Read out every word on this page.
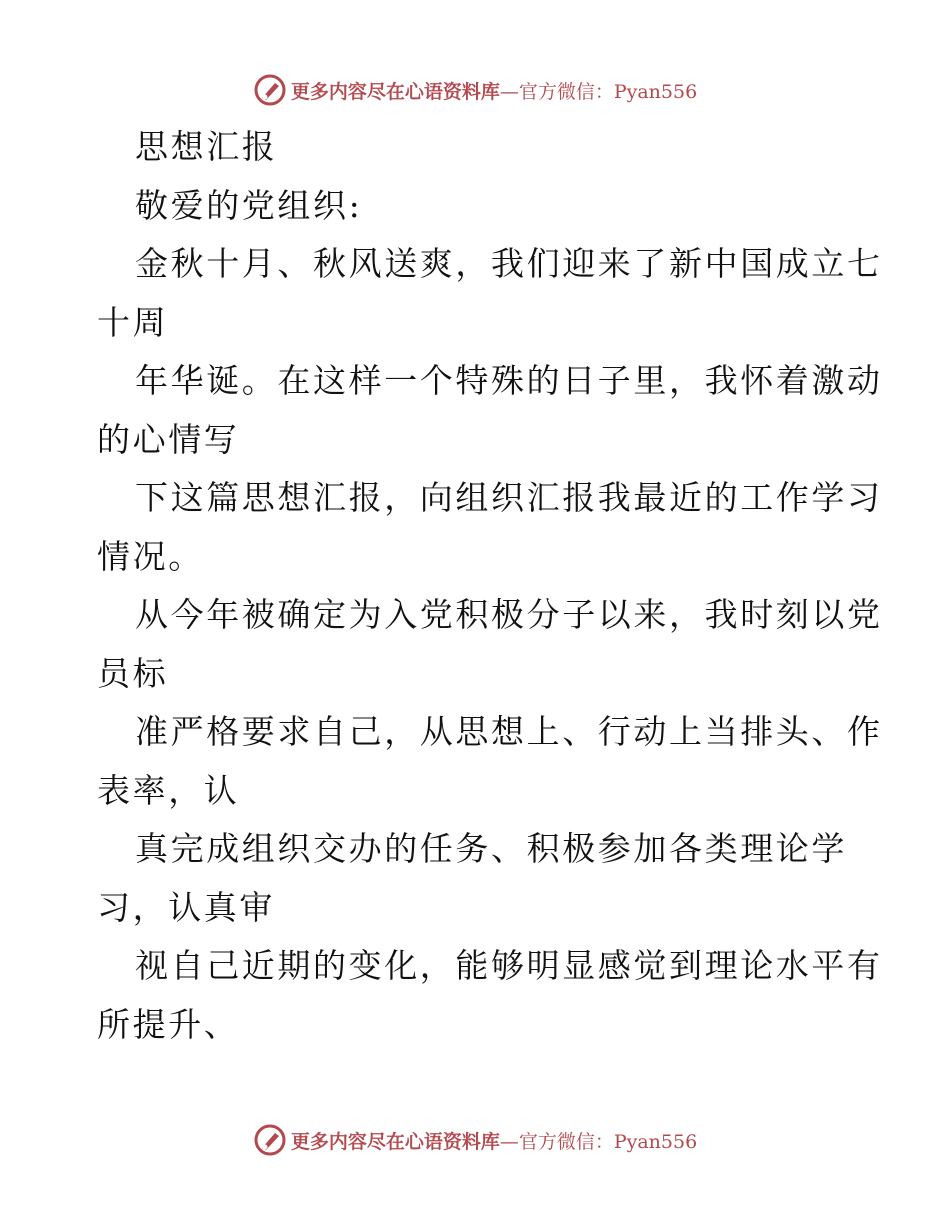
更多内容尽在心语资料库 —官方微信：Pyan556
思想汇报
敬爱的党组织:
金秋十月、秋风送爽，我们迎来了新中国成立七
十周
年华诞。在这样一个特殊的日子里，我怀着激动
的心情写
下这篇思想汇报，向组织汇报我最近的工作学习
情况。
从今年被确定为入党积极分子以来，我时刻以党
员标
准严格要求自己，从思想上、行动上当排头、作
表率，认
真完成组织交办的任务、积极参加各类理论学
习，认真审
视自己近期的变化，能够明显感觉到理论水平有
所提升、
更多内容尽在心语资料库 —官方微信：Pyan556
